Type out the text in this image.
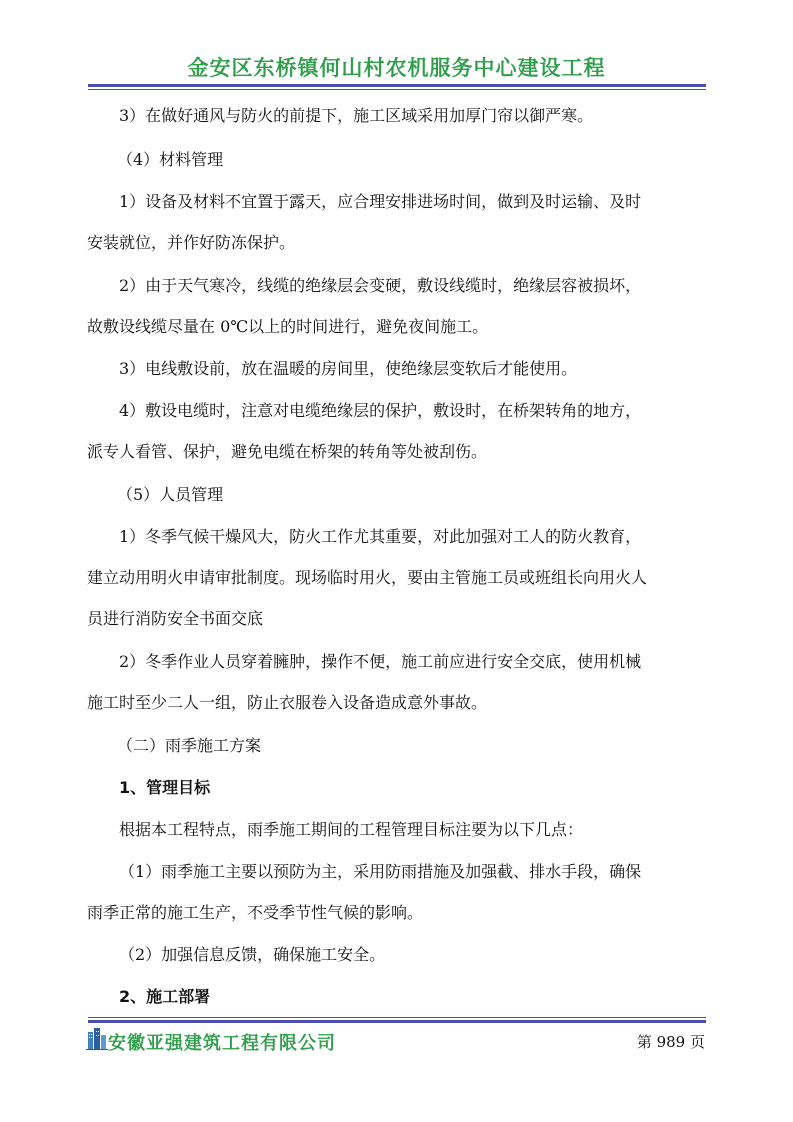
金安区东桥镇何山村农机服务中心建设工程

3）在做好通风与防火的前提下，施工区域采用加厚门帘以御严寒。

（4）材料管理

1）设备及材料不宜置于露天，应合理安排进场时间，做到及时运输、及时

安装就位，并作好防冻保护。

2）由于天气寒冷，线缆的绝缘层会变硬，敷设线缆时，绝缘层容被损坏，

故敷设线缆尽量在 0℃以上的时间进行，避免夜间施工。

3）电线敷设前，放在温暖的房间里，使绝缘层变软后才能使用。

4）敷设电缆时，注意对电缆绝缘层的保护，敷设时，在桥架转角的地方，

派专人看管、保护，避免电缆在桥架的转角等处被刮伤。

（5）人员管理

1）冬季气候干燥风大，防火工作尤其重要，对此加强对工人的防火教育，

建立动用明火申请审批制度。现场临时用火，要由主管施工员或班组长向用火人

员进行消防安全书面交底

2）冬季作业人员穿着臃肿，操作不便，施工前应进行安全交底，使用机械

施工时至少二人一组，防止衣服卷入设备造成意外事故。

（二）雨季施工方案

1、管理目标

根据本工程特点，雨季施工期间的工程管理目标注要为以下几点：

（1）雨季施工主要以预防为主，采用防雨措施及加强截、排水手段，确保

雨季正常的施工生产，不受季节性气候的影响。

（2）加强信息反馈，确保施工安全。

2、施工部署

安徽亚强建筑工程有限公司	第 989 页
